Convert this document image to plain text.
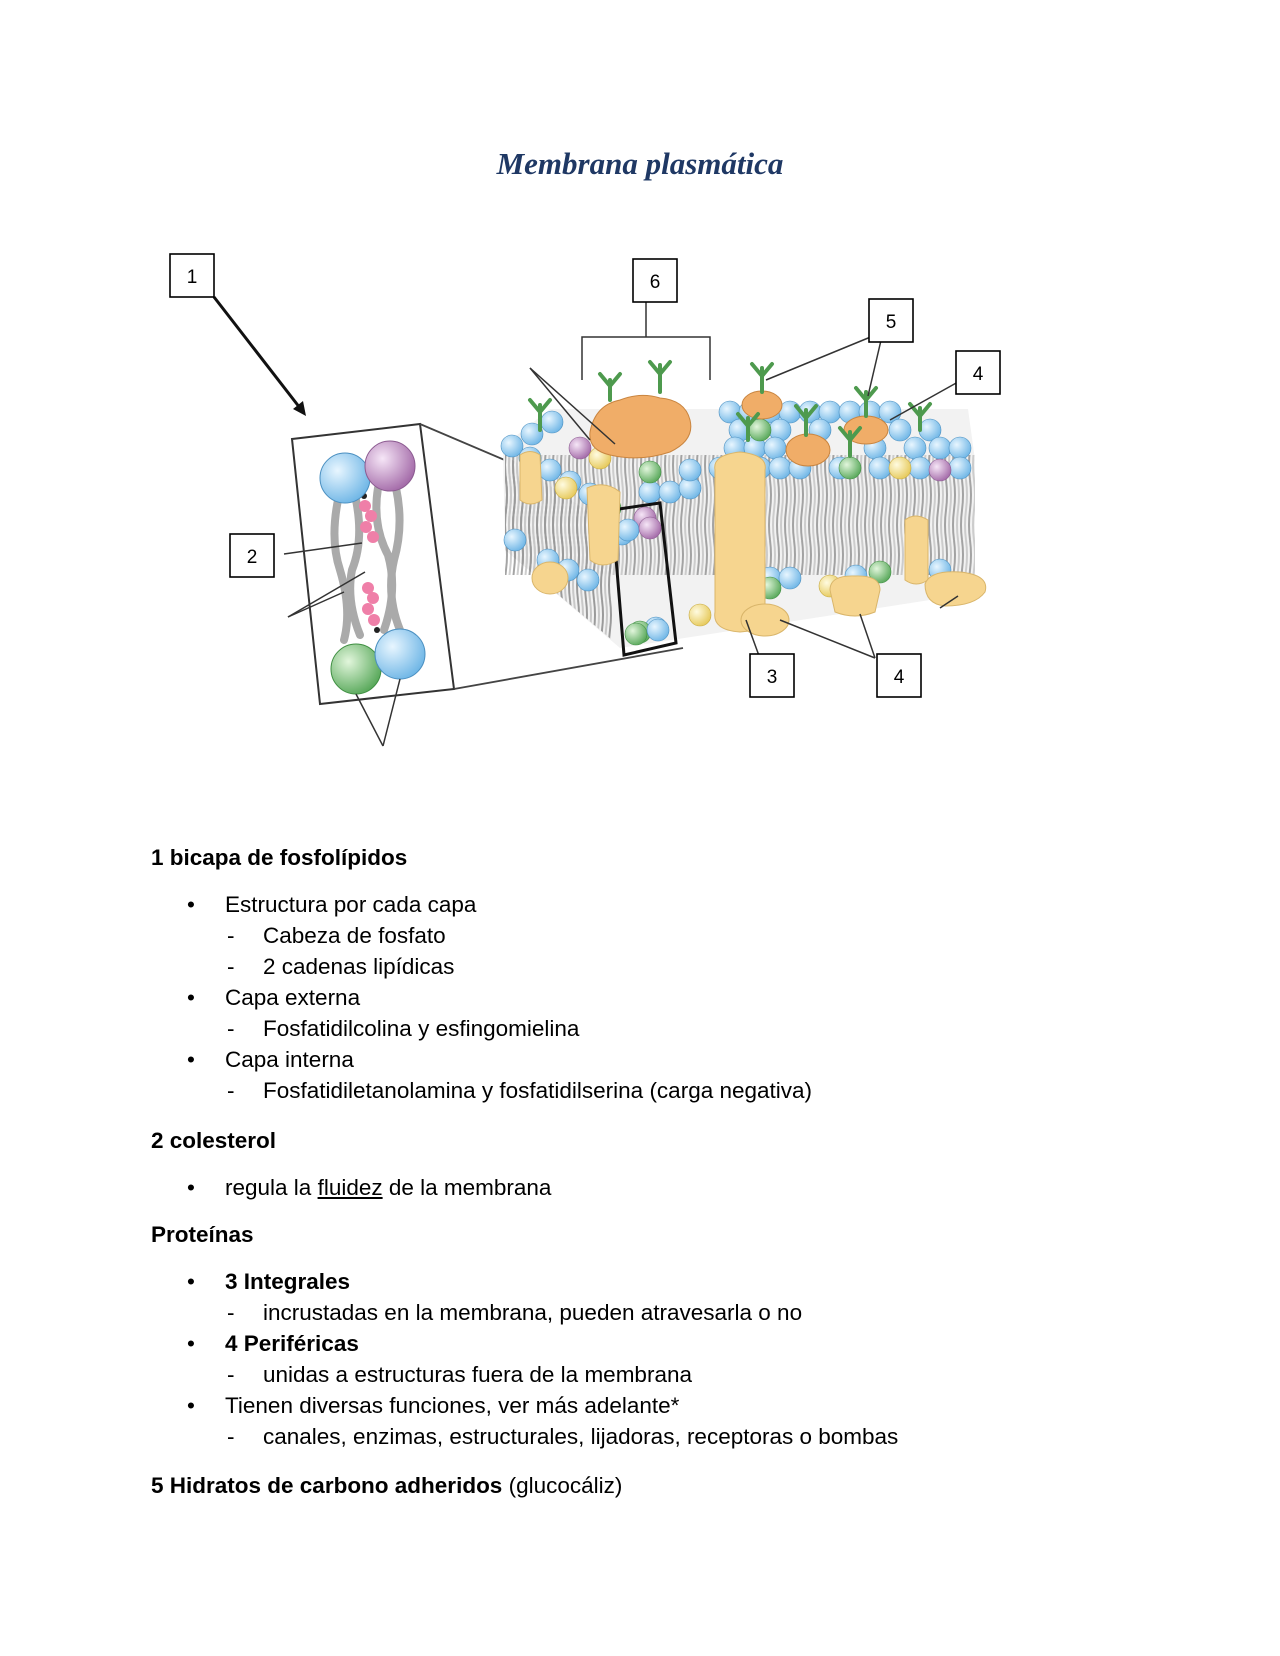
Membrana plasmática
1
2
3	4
4
5
6
1 bicapa de fosfolípidos
• Estructura por cada capa
- Cabeza de fosfato
- 2 cadenas lipídicas
• Capa externa
- Fosfatidilcolina y esfingomielina
• Capa interna
- Fosfatidiletanolamina y fosfatidilserina (carga negativa)
2 colesterol
• regula la fluidez de la membrana
Proteínas
• 3 Integrales
- incrustadas en la membrana, pueden atravesarla o no
• 4 Periféricas
- unidas a estructuras fuera de la membrana
• Tienen diversas funciones, ver más adelante*
- canales, enzimas, estructurales, lijadoras, receptoras o bombas
5 Hidratos de carbono adheridos (glucocáliz)
